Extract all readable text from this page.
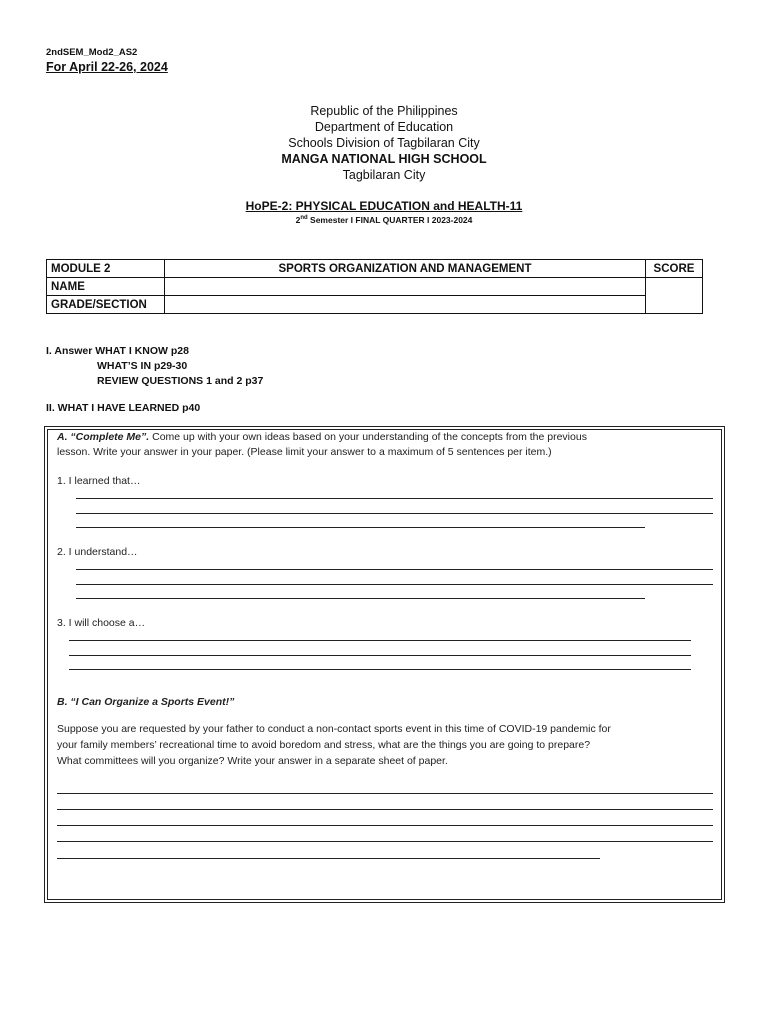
2ndSEM_Mod2_AS2
For April 22-26, 2024
Republic of the Philippines
Department of Education
Schools Division of Tagbilaran City
MANGA NATIONAL HIGH SCHOOL
Tagbilaran City
HoPE-2: PHYSICAL EDUCATION and HEALTH-11
2nd Semester I FINAL QUARTER I 2023-2024
MODULE 2	SPORTS ORGANIZATION AND MANAGEMENT	SCORE
NAME		
GRADE/SECTION		
I. Answer WHAT I KNOW p28
WHAT’S IN p29-30
REVIEW QUESTIONS 1 and 2 p37
II. WHAT I HAVE LEARNED p40
A. “Complete Me”. Come up with your own ideas based on your understanding of the concepts from the previous
lesson. Write your answer in your paper. (Please limit your answer to a maximum of 5 sentences per item.)
1. I learned that…
2. I understand…
3. I will choose a…
B. “I Can Organize a Sports Event!”
Suppose you are requested by your father to conduct a non-contact sports event in this time of COVID-19 pandemic for
your family members’ recreational time to avoid boredom and stress, what are the things you are going to prepare?
What committees will you organize? Write your answer in a separate sheet of paper.
